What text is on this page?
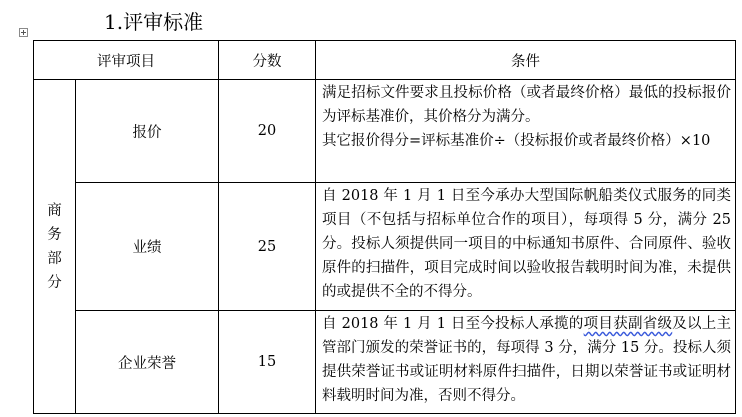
1.评审标准
评审项目		分数	条件

商
务
部
分	报价	20	满足招标文件要求且投标价格（或者最终价格）最低的投标报价为评标基准价，其价格分为满分。
其它报价得分=评标基准价÷（投标报价或者最终价格）×10

	业绩	25	自 2018 年 1 月 1 日至今承办大型国际帆船类仪式服务的同类项目（不包括与招标单位合作的项目），每项得 5 分，满分 25 分。投标人须提供同一项目的中标通知书原件、合同原件、验收原件的扫描件，项目完成时间以验收报告载明时间为准，未提供的或提供不全的不得分。

	企业荣誉	15	自 2018 年 1 月 1 日至今投标人承揽的项目获副省级及以上主管部门颁发的荣誉证书的，每项得 3 分，满分 15 分。投标人须提供荣誉证书或证明材料原件扫描件，日期以荣誉证书或证明材料载明时间为准，否则不得分。
